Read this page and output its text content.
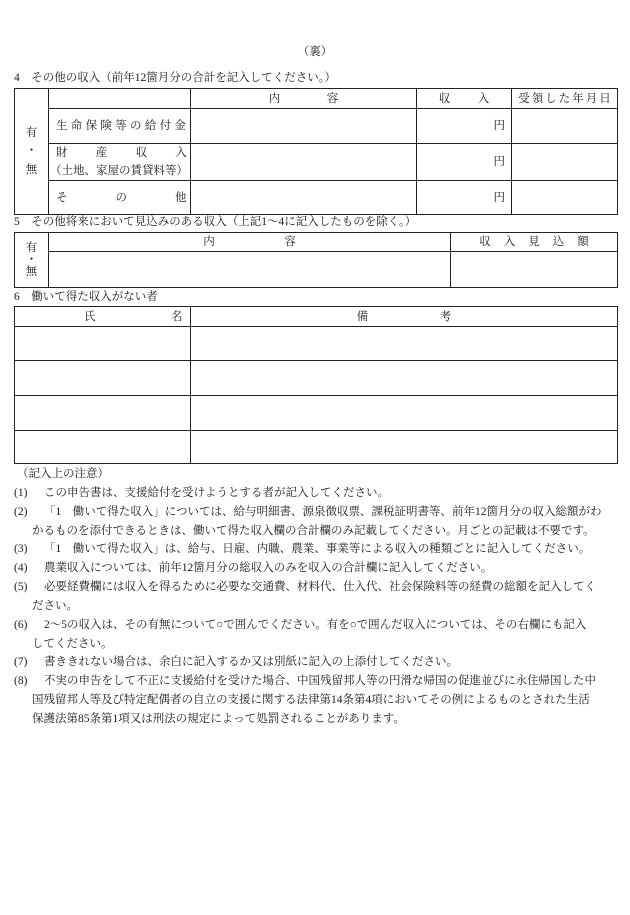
（裏）
4　その他の収入（前年12箇月分の合計を記入してください。）
有・無		内容	収入	受領した年月日

	生命保険等の給付金		円	

	財産収入
（土地、家屋の賃貸料等）		円	

	その他		円	
5　その他将来において見込みのある収入（上記1～4に記入したものを除く。）
有・無	内容	収入見込額

6　働いて得た収入がない者
氏名	備考

（記入上の注意）
(1) この申告書は、支援給付を受けようとする者が記入してください。
(2) 「1　働いて得た収入」については、給与明細書、源泉徴収票、課税証明書等、前年12箇月分の収入総額がわ
かるものを添付できるときは、働いて得た収入欄の合計欄のみ記載してください。月ごとの記載は不要です。
(3) 「1　働いて得た収入」は、給与、日雇、内職、農業、事業等による収入の種類ごとに記入してください。
(4) 農業収入については、前年12箇月分の総収入のみを収入の合計欄に記入してください。
(5) 必要経費欄には収入を得るために必要な交通費、材料代、仕入代、社会保険料等の経費の総額を記入してく
ださい。
(6) 2～5の収入は、その有無について○で囲んでください。有を○で囲んだ収入については、その右欄にも記入
してください。
(7) 書ききれない場合は、余白に記入するか又は別紙に記入の上添付してください。
(8) 不実の申告をして不正に支援給付を受けた場合、中国残留邦人等の円滑な帰国の促進並びに永住帰国した中
国残留邦人等及び特定配偶者の自立の支援に関する法律第14条第4項においてその例によるものとされた生活
保護法第85条第1項又は刑法の規定によって処罰されることがあります。
